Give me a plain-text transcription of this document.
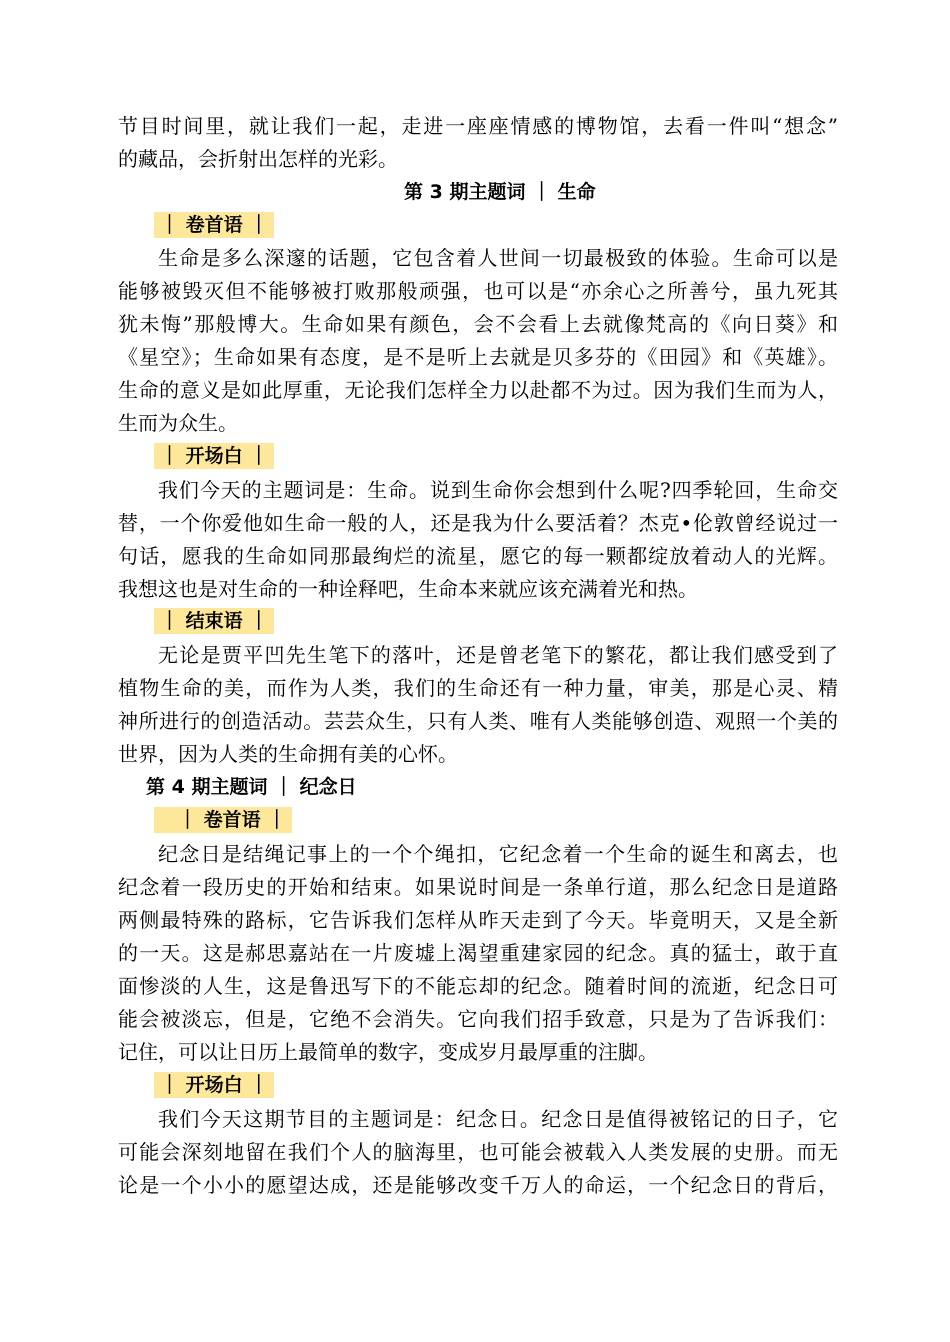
节目时间里，就让我们一起，走进一座座情感的博物馆，去看一件叫“想念”
的藏品，会折射出怎样的光彩。
第 3 期主题词 ｜ 生命
｜ 卷首语 ｜
生命是多么深邃的话题，它包含着人世间一切最极致的体验。生命可以是
能够被毁灭但不能够被打败那般顽强，也可以是“亦余心之所善兮，虽九死其
犹未悔”那般博大。生命如果有颜色，会不会看上去就像梵高的《向日葵》和
《星空》；生命如果有态度，是不是听上去就是贝多芬的《田园》和《英雄》。
生命的意义是如此厚重，无论我们怎样全力以赴都不为过。因为我们生而为人，
生而为众生。
｜ 开场白 ｜
我们今天的主题词是：生命。说到生命你会想到什么呢?四季轮回，生命交
替，一个你爱他如生命一般的人，还是我为什么要活着？杰克•伦敦曾经说过一
句话，愿我的生命如同那最绚烂的流星，愿它的每一颗都绽放着动人的光辉。
我想这也是对生命的一种诠释吧，生命本来就应该充满着光和热。
｜ 结束语 ｜
无论是贾平凹先生笔下的落叶，还是曾老笔下的繁花，都让我们感受到了
植物生命的美，而作为人类，我们的生命还有一种力量，审美，那是心灵、精
神所进行的创造活动。芸芸众生，只有人类、唯有人类能够创造、观照一个美的
世界，因为人类的生命拥有美的心怀。
第 4 期主题词 ｜ 纪念日
｜ 卷首语 ｜
纪念日是结绳记事上的一个个绳扣，它纪念着一个生命的诞生和离去，也
纪念着一段历史的开始和结束。如果说时间是一条单行道，那么纪念日是道路
两侧最特殊的路标，它告诉我们怎样从昨天走到了今天。毕竟明天，又是全新
的一天。这是郝思嘉站在一片废墟上渴望重建家园的纪念。真的猛士，敢于直
面惨淡的人生，这是鲁迅写下的不能忘却的纪念。随着时间的流逝，纪念日可
能会被淡忘，但是，它绝不会消失。它向我们招手致意，只是为了告诉我们：
记住，可以让日历上最简单的数字，变成岁月最厚重的注脚。
｜ 开场白 ｜
我们今天这期节目的主题词是：纪念日。纪念日是值得被铭记的日子，它
可能会深刻地留在我们个人的脑海里，也可能会被载入人类发展的史册。而无
论是一个小小的愿望达成，还是能够改变千万人的命运，一个纪念日的背后，
